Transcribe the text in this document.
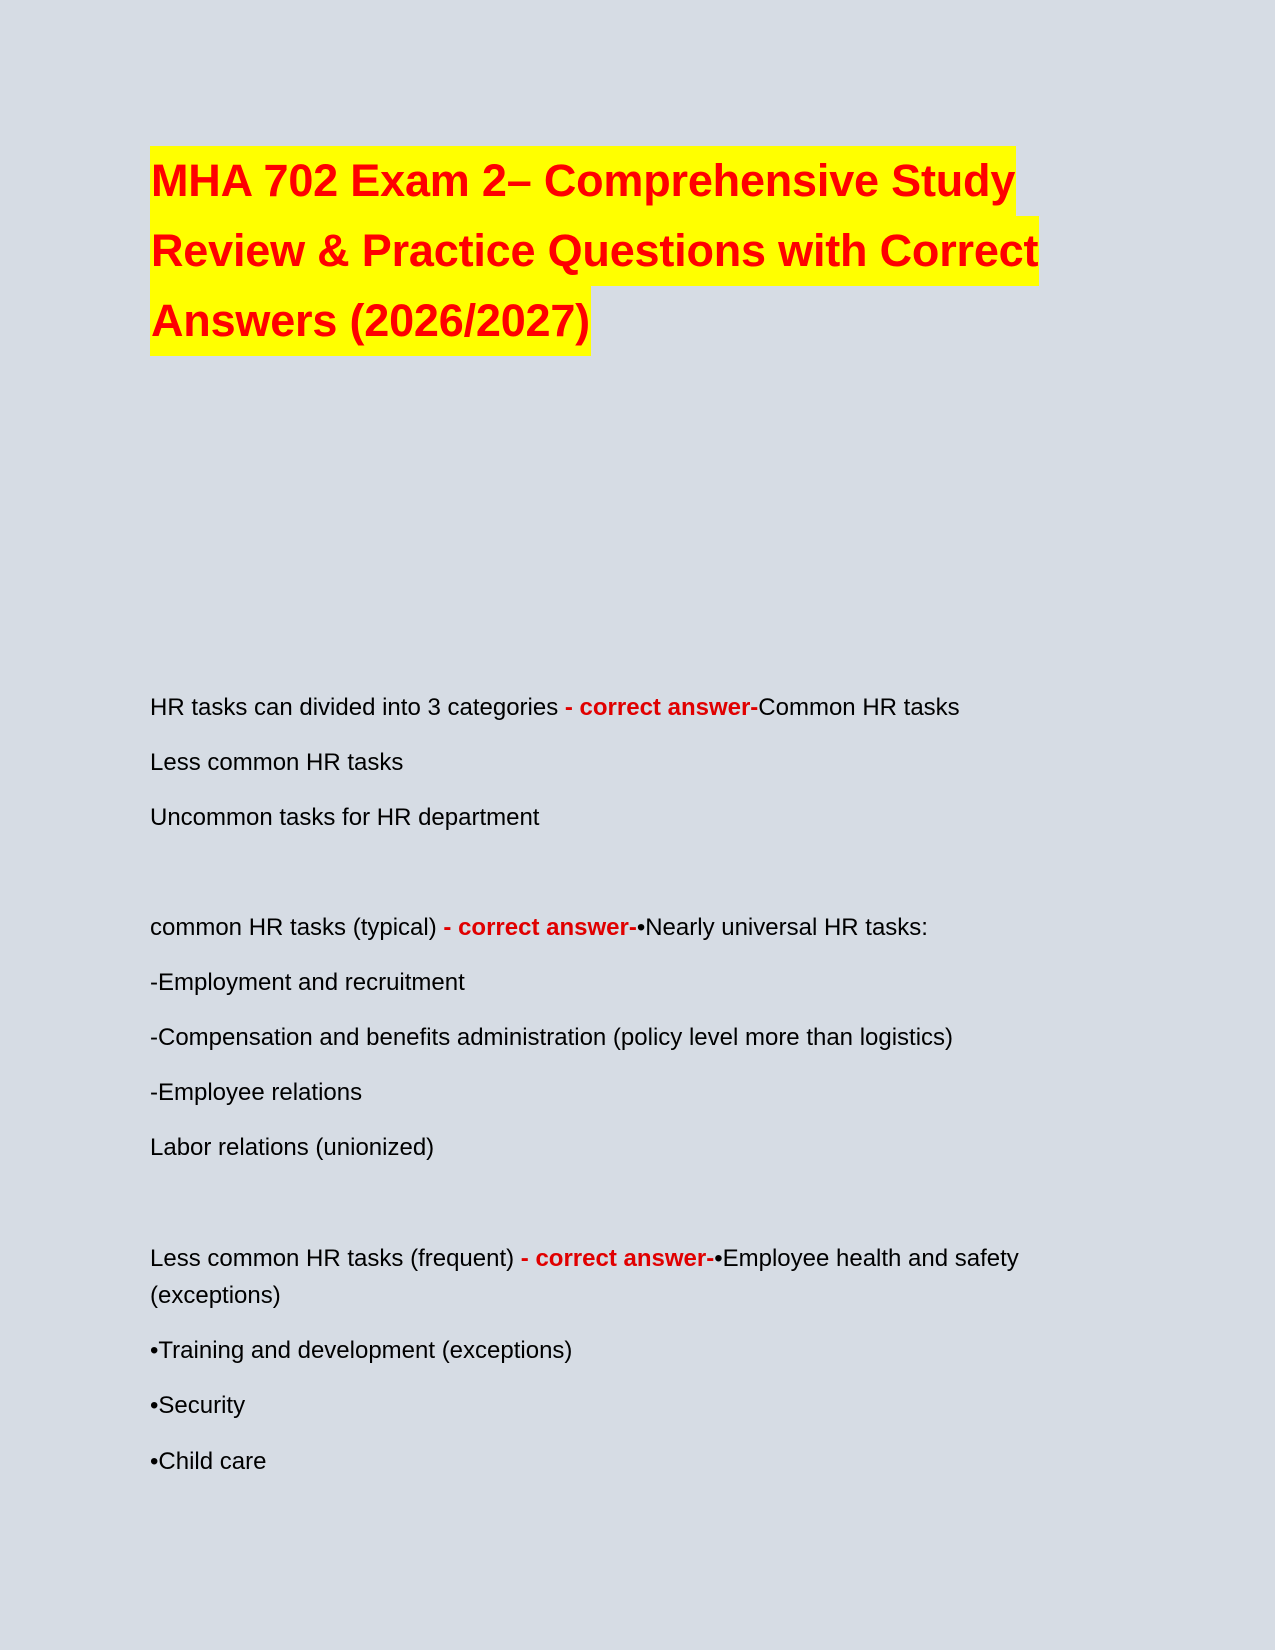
MHA 702 Exam 2– Comprehensive Study
Review & Practice Questions with Correct
Answers (2026/2027)
HR tasks can divided into 3 categories - correct answer-Common HR tasks
Less common HR tasks
Uncommon tasks for HR department
common HR tasks (typical) - correct answer-•Nearly universal HR tasks:
-Employment and recruitment
-Compensation and benefits administration (policy level more than logistics)
-Employee relations
Labor relations (unionized)
Less common HR tasks (frequent) - correct answer-•Employee health and safety (exceptions)
•Training and development (exceptions)
•Security
•Child care
